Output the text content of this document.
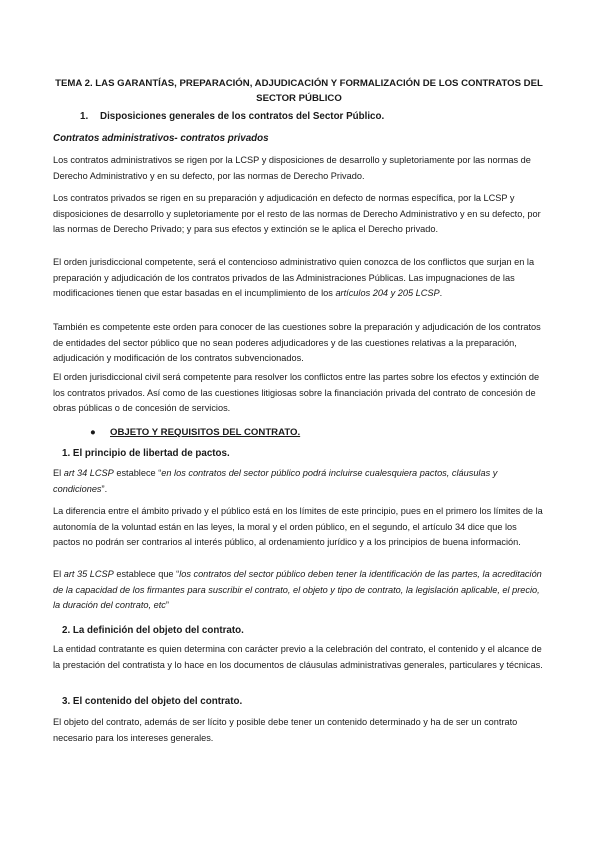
TEMA 2. LAS GARANTÍAS, PREPARACIÓN, ADJUDICACIÓN Y FORMALIZACIÓN DE LOS CONTRATOS DEL SECTOR PÚBLICO

1. Disposiciones generales de los contratos del Sector Público.

Contratos administrativos- contratos privados

Los contratos administrativos se rigen por la LCSP y disposiciones de desarrollo y supletoriamente por las normas de Derecho Administrativo y en su defecto, por las normas de Derecho Privado.

Los contratos privados se rigen en su preparación y adjudicación en defecto de normas específica, por la LCSP y disposiciones de desarrollo y supletoriamente por el resto de las normas de Derecho Administrativo y en su defecto, por las normas de Derecho Privado; y para sus efectos y extinción se le aplica el Derecho privado.

El orden jurisdiccional competente, será el contencioso administrativo quien conozca de los conflictos que surjan en la preparación y adjudicación de los contratos privados de las Administraciones Públicas. Las impugnaciones de las modificaciones tienen que estar basadas en el incumplimiento de los artículos 204 y 205 LCSP.

También es competente este orden para conocer de las cuestiones sobre la preparación y adjudicación de los contratos de entidades del sector público que no sean poderes adjudicadores y de las cuestiones relativas a la preparación, adjudicación y modificación de los contratos subvencionados.

El orden jurisdiccional civil será competente para resolver los conflictos entre las partes sobre los efectos y extinción de los contratos privados. Así como de las cuestiones litigiosas sobre la financiación privada del contrato de concesión de obras públicas o de concesión de servicios.

● OBJETO Y REQUISITOS DEL CONTRATO.

1. El principio de libertad de pactos.

El art 34 LCSP establece “en los contratos del sector público podrá incluirse cualesquiera pactos, cláusulas y condiciones”.

La diferencia entre el ámbito privado y el público está en los límites de este principio, pues en el primero los límites de la autonomía de la voluntad están en las leyes, la moral y el orden público, en el segundo, el artículo 34 dice que los pactos no podrán ser contrarios al interés público, al ordenamiento jurídico y a los principios de buena información.

El art 35 LCSP establece que “los contratos del sector público deben tener la identificación de las partes, la acreditación de la capacidad de los firmantes para suscribir el contrato, el objeto y tipo de contrato, la legislación aplicable, el precio, la duración del contrato, etc”

2. La definición del objeto del contrato.

La entidad contratante es quien determina con carácter previo a la celebración del contrato, el contenido y el alcance de la prestación del contratista y lo hace en los documentos de cláusulas administrativas generales, particulares y técnicas.

3. El contenido del objeto del contrato.

El objeto del contrato, además de ser lícito y posible debe tener un contenido determinado y ha de ser un contrato necesario para los intereses generales.
